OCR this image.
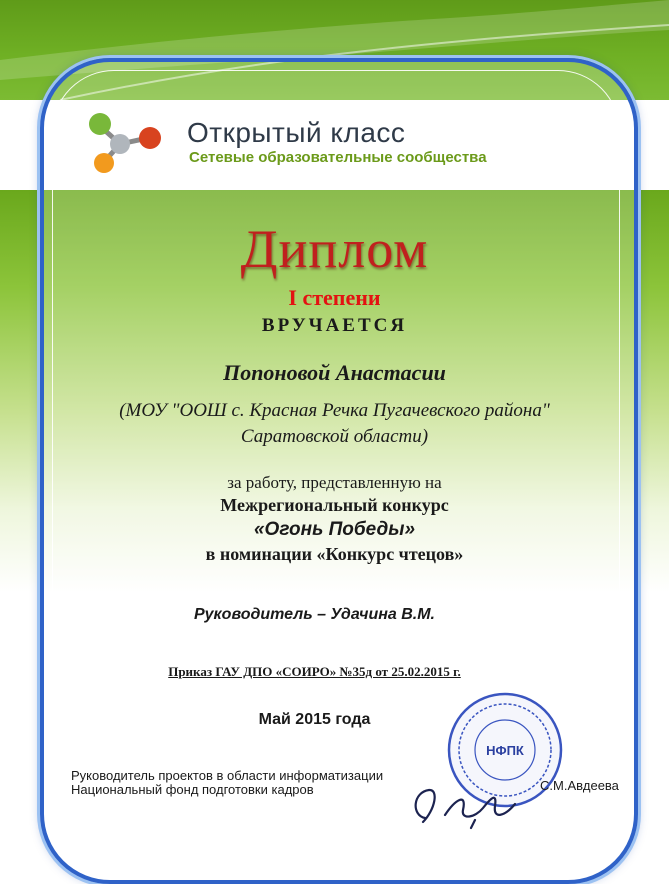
Открытый класс
Сетевые образовательные сообщества
Диплом
I степени
ВРУЧАЕТСЯ
Попоновой Анастасии
(МОУ "ООШ с. Красная Речка Пугачевского района"
Саратовской области)
за работу, представленную на
Межрегиональный конкурс
«Огонь Победы»
в номинации «Конкурс чтецов»
Руководитель – Удачина В.М.
Приказ ГАУ ДПО «СОИРО» №35д от 25.02.2015 г.
Май 2015 года
НФПК
Руководитель проектов в области информатизации
Национальный фонд подготовки кадров	С.М.Авдеева
